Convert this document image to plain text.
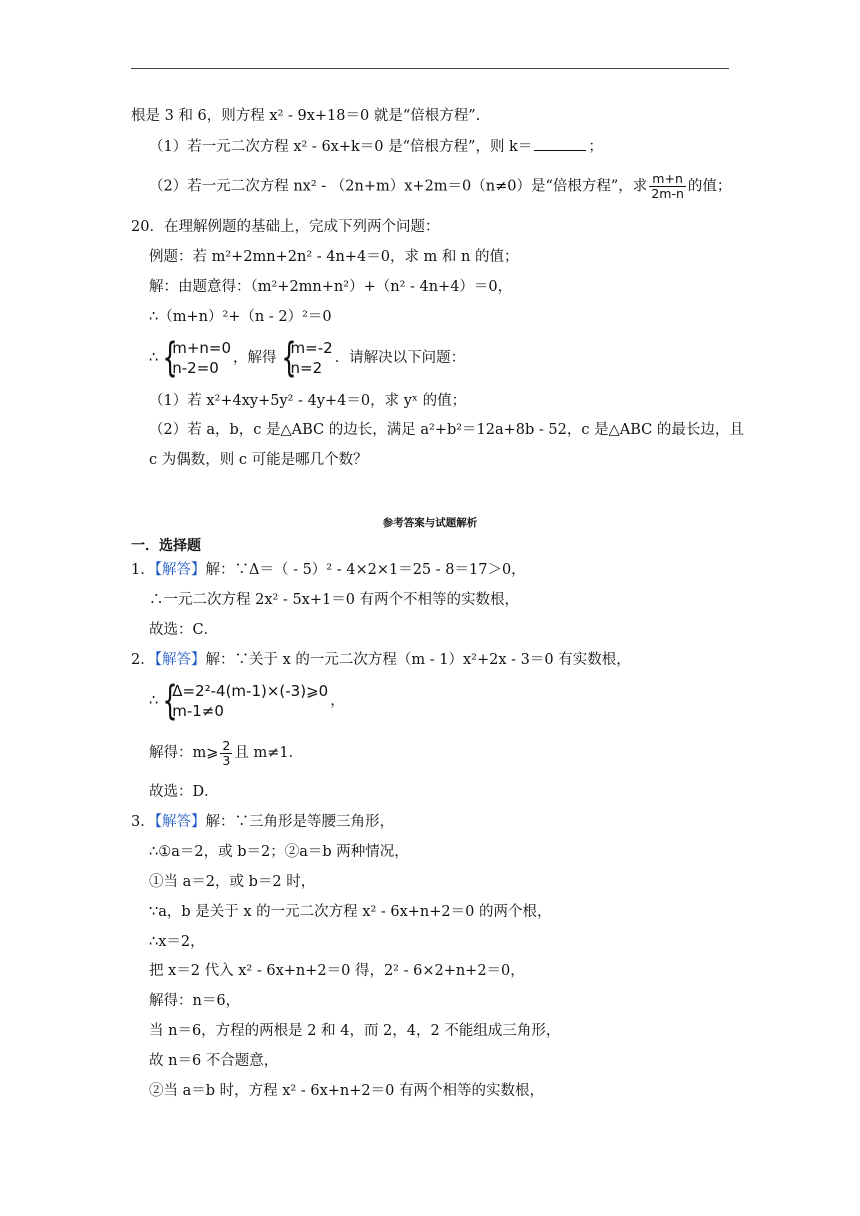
根是 3 和 6，则方程 x² - 9x+18＝0 就是“倍根方程”.
（1）若一元二次方程 x² - 6x+k＝0 是“倍根方程”，则 k＝	；
（2）若一元二次方程 nx² - （2n+m）x+2m＝0（n≠0）是“倍根方程”，求 $\frac{m+n}{2m-n}$ 的值；
20．在理解例题的基础上，完成下列两个问题：
例题：若 m²+2mn+2n² - 4n+4＝0，求 m 和 n 的值；
解：由题意得：（m²+2mn+n²）+（n² - 4n+4）＝0，
∴（m+n）²+（n - 2）²＝0
∴ {
m+n=0
n-2=0
，解得 {
m=-2
n=2
．请解决以下问题：
（1）若 x²+4xy+5y² - 4y+4＝0，求 yˣ 的值；
（2）若 a，b，c 是△ABC 的边长，满足 a²+b²＝12a+8b - 52，c 是△ABC 的最长边，且
c 为偶数，则 c 可能是哪几个数？
参考答案与试题解析
一．选择题
1．【解答】解：∵Δ＝（ - 5）² - 4×2×1＝25 - 8＝17＞0，
∴一元二次方程 2x² - 5x+1＝0 有两个不相等的实数根，
故选：C．
2．【解答】解：∵关于 x 的一元二次方程（m - 1）x²+2x - 3＝0 有实数根，
∴ {
Δ=2²-4(m-1)×(-3)⩾0
m-1≠0
，
解得：m⩾ $\frac{2}{3}$ 且 m≠1．
故选：D．
3．【解答】解：∵三角形是等腰三角形，
∴①a＝2，或 b＝2；②a＝b 两种情况，
①当 a＝2，或 b＝2 时，
∵a，b 是关于 x 的一元二次方程 x² - 6x+n+2＝0 的两个根，
∴x＝2，
把 x＝2 代入 x² - 6x+n+2＝0 得，2² - 6×2+n+2＝0，
解得：n＝6，
当 n＝6，方程的两根是 2 和 4，而 2，4，2 不能组成三角形，
故 n＝6 不合题意，
②当 a＝b 时，方程 x² - 6x+n+2＝0 有两个相等的实数根，
